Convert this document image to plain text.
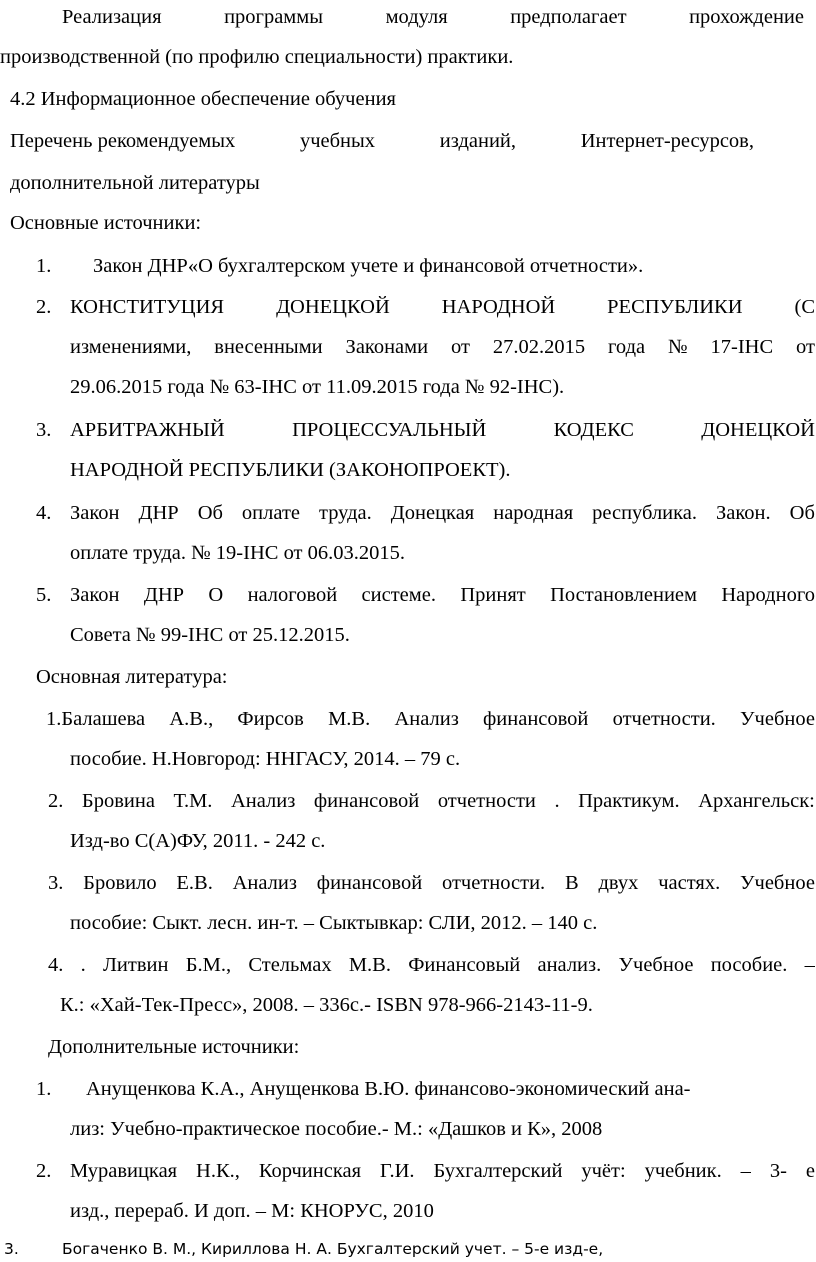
Реализация	программы	модуля	предполагает	прохождение
производственной (по профилю специальности) практики.
4.2 Информационное обеспечение обучения
Перечень рекомендуемых	учебных	изданий,	Интернет-ресурсов,
дополнительной литературы
Основные источники:
1. Закон ДНР«О бухгалтерском учете и финансовой отчетности».
2. КОНСТИТУЦИЯ	ДОНЕЦКОЙ	НАРОДНОЙ	РЕСПУБЛИКИ	(С
изменениями, внесенными Законами от 27.02.2015 года № 17-IНС от
29.06.2015 года № 63-IНС от 11.09.2015 года № 92-IНС).
3. АРБИТРАЖНЫЙ	ПРОЦЕССУАЛЬНЫЙ	КОДЕКС	ДОНЕЦКОЙ
НАРОДНОЙ РЕСПУБЛИКИ (ЗАКОНОПРОЕКТ).
4. Закон ДНР Об оплате труда. Донецкая народная республика. Закон. Об
оплате труда. № 19-IНС от 06.03.2015.
5. Закон ДНР О налоговой системе. Принят Постановлением Народного
Совета № 99-IНС от 25.12.2015.
Основная литература:
1.Балашева А.В., Фирсов М.В. Анализ финансовой отчетности. Учебное
пособие. Н.Новгород: ННГАСУ, 2014. – 79 с.
2. Бровина Т.М. Анализ финансовой отчетности . Практикум. Архангельск:
Изд-во С(А)ФУ, 2011. - 242 с.
3. Бровило Е.В. Анализ финансовой отчетности. В двух частях. Учебное
пособие: Сыкт. лесн. ин-т. – Сыктывкар: СЛИ, 2012. – 140 с.
4. . Литвин Б.М., Стельмах М.В. Финансовый анализ. Учебное пособие. –
К.: «Хай-Тек-Пресс», 2008. – 336с.- ISBN 978-966-2143-11-9.
Дополнительные источники:
1. Анущенкова К.А., Анущенкова В.Ю. финансово-экономический ана-
лиз: Учебно-практическое пособие.- М.: «Дашков и К», 2008
2. Муравицкая Н.К., Корчинская Г.И. Бухгалтерский учёт: учебник. – 3- е
изд., перераб. И доп. – М: КНОРУС, 2010
3.	Богаченко В. М., Кириллова Н. А. Бухгалтерский учет. – 5-е изд-е,
